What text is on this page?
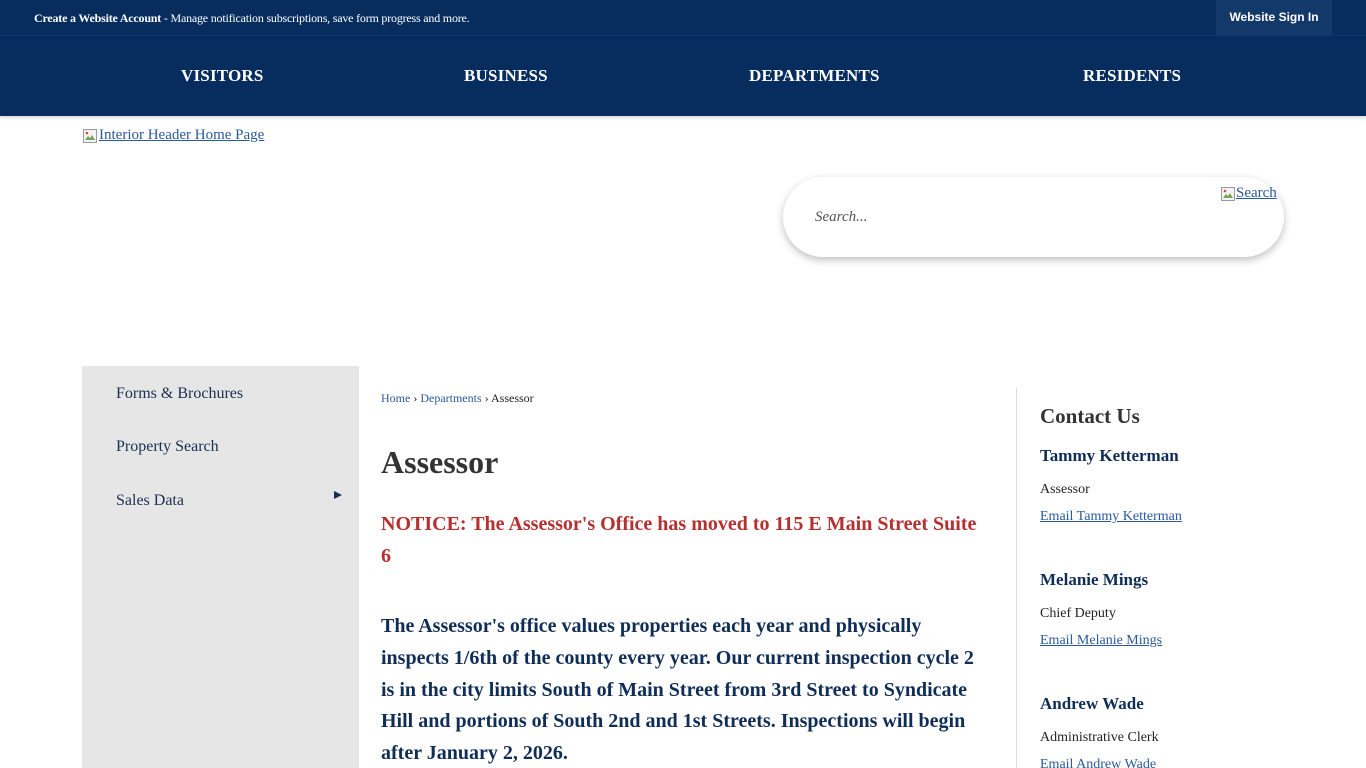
Create a Website Account - Manage notification subscriptions, save form progress and more.	Website Sign In
VISITORS	BUSINESS	DEPARTMENTS	RESIDENTS
Interior Header Home Page
Search...
Search
Forms & Brochures
Property Search
Sales Data
Home › Departments › Assessor
Assessor

NOTICE: The Assessor's Office has moved to 115 E Main Street Suite 6

The Assessor's office values properties each year and physically inspects 1/6th of the county every year. Our current inspection cycle 2 is in the city limits South of Main Street from 3rd Street to Syndicate Hill and portions of South 2nd and 1st Streets. Inspections will begin after January 2, 2026.

Contact Us
Tammy Ketterman
Assessor
Email Tammy Ketterman
Melanie Mings
Chief Deputy
Email Melanie Mings
Andrew Wade
Administrative Clerk
Email Andrew Wade
